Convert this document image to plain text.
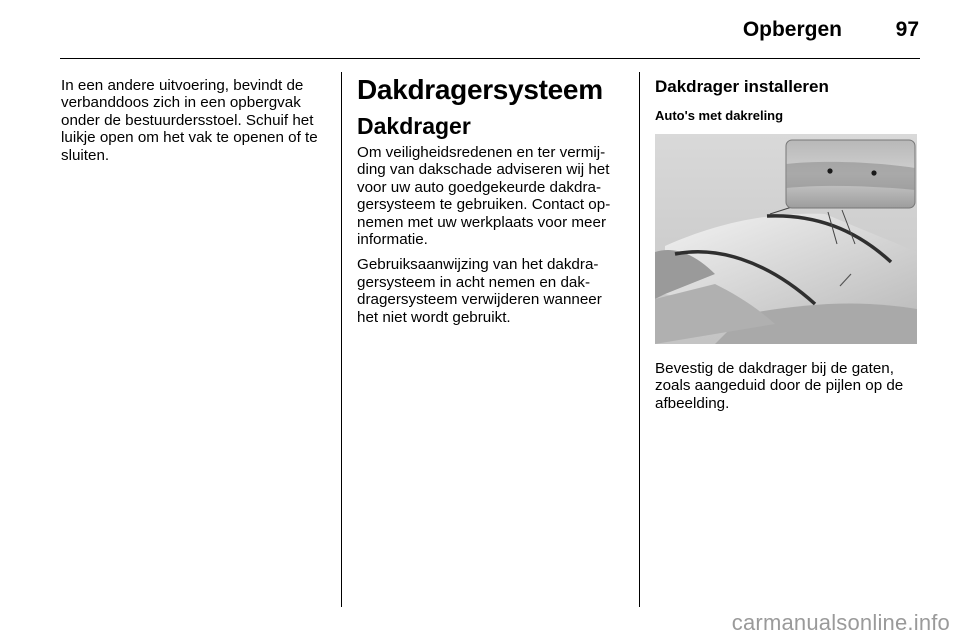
Opbergen	97

In een andere uitvoering, bevindt de verbanddoos zich in een opbergvak onder de bestuurdersstoel. Schuif het luikje open om het vak te openen of te sluiten.

Dakdragersysteem
Dakdrager

Om veiligheidsredenen en ter vermijding van dakschade adviseren wij het voor uw auto goedgekeurde dakdragersysteem te gebruiken. Contact opnemen met uw werkplaats voor meer informatie.

Gebruiksaanwijzing van het dakdragersysteem in acht nemen en dakdragersysteem verwijderen wanneer het niet wordt gebruikt.

Dakdrager installeren
Auto's met dakreling

Bevestig de dakdrager bij de gaten, zoals aangeduid door de pijlen op de afbeelding.

carmanualsonline.info
